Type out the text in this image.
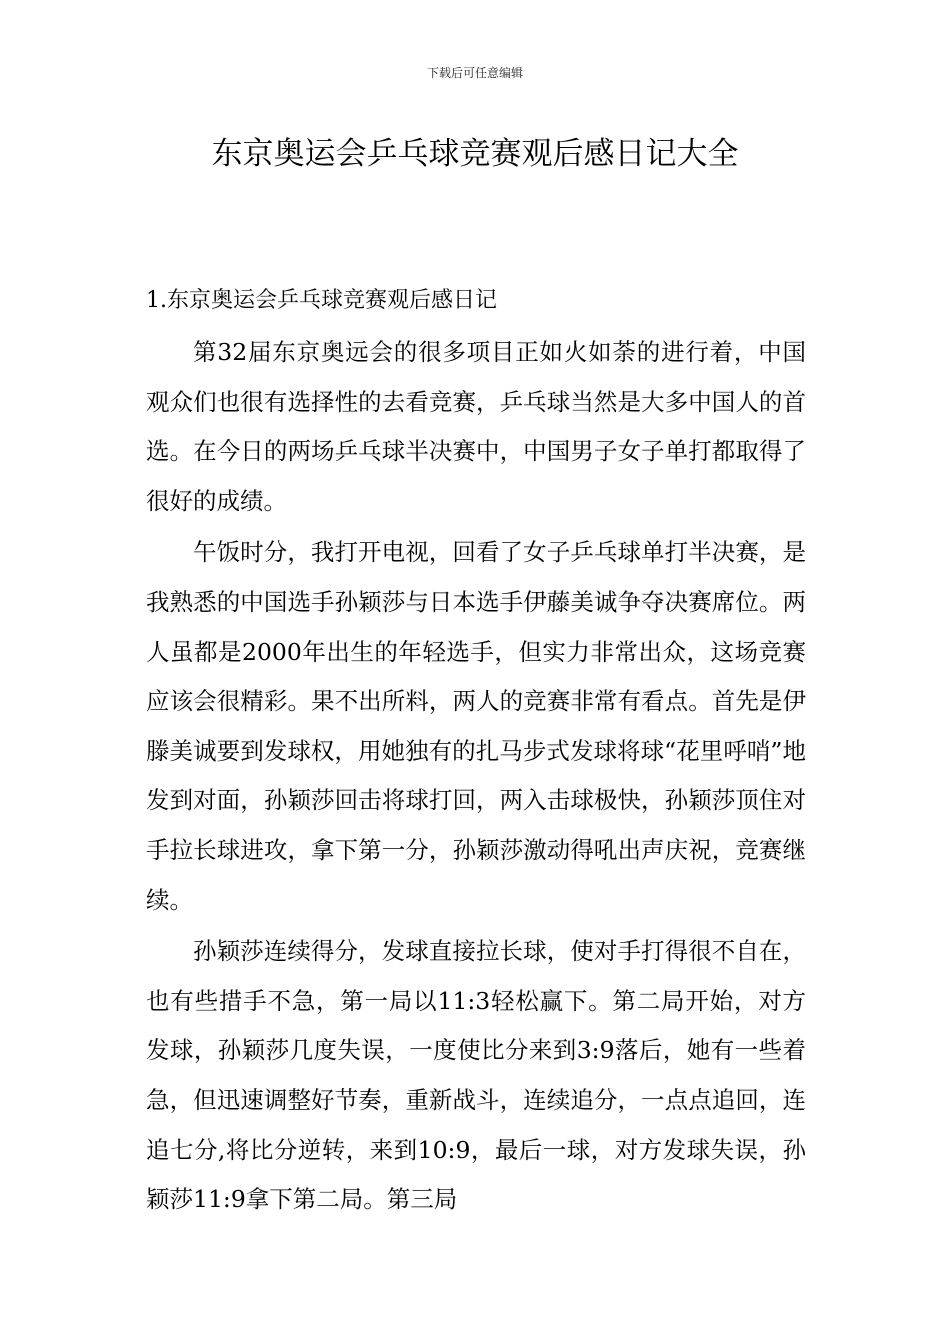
下载后可任意编辑
东京奥运会乒乓球竞赛观后感日记大全
1.东京奥运会乒乓球竞赛观后感日记

第32届东京奥远会的很多项目正如火如荼的进行着，中国观众们也很有选择性的去看竞赛，乒乓球当然是大多中国人的首选。在今日的两场乒乓球半决赛中，中国男子女子单打都取得了很好的成绩。

午饭时分，我打开电视，回看了女子乒乓球单打半决赛，是我熟悉的中国选手孙颖莎与日本选手伊藤美诚争夺决赛席位。两人虽都是2000年出生的年轻选手，但实力非常出众，这场竞赛应该会很精彩。果不出所料，两人的竞赛非常有看点。首先是伊滕美诚要到发球权，用她独有的扎马步式发球将球“花里呼哨”地发到对面，孙颖莎回击将球打回，两入击球极快，孙颖莎顶住对手拉长球进攻，拿下第一分，孙颖莎激动得吼出声庆祝，竞赛继续。

孙颖莎连续得分，发球直接拉长球，使对手打得很不自在，也有些措手不急，第一局以11:3轻松赢下。第二局开始，对方发球，孙颖莎几度失误，一度使比分来到3:9落后，她有一些着急，但迅速调整好节奏，重新战斗，连续追分，一点点追回，连追七分,将比分逆转，来到10:9，最后一球，对方发球失误，孙颖莎11:9拿下第二局。第三局
